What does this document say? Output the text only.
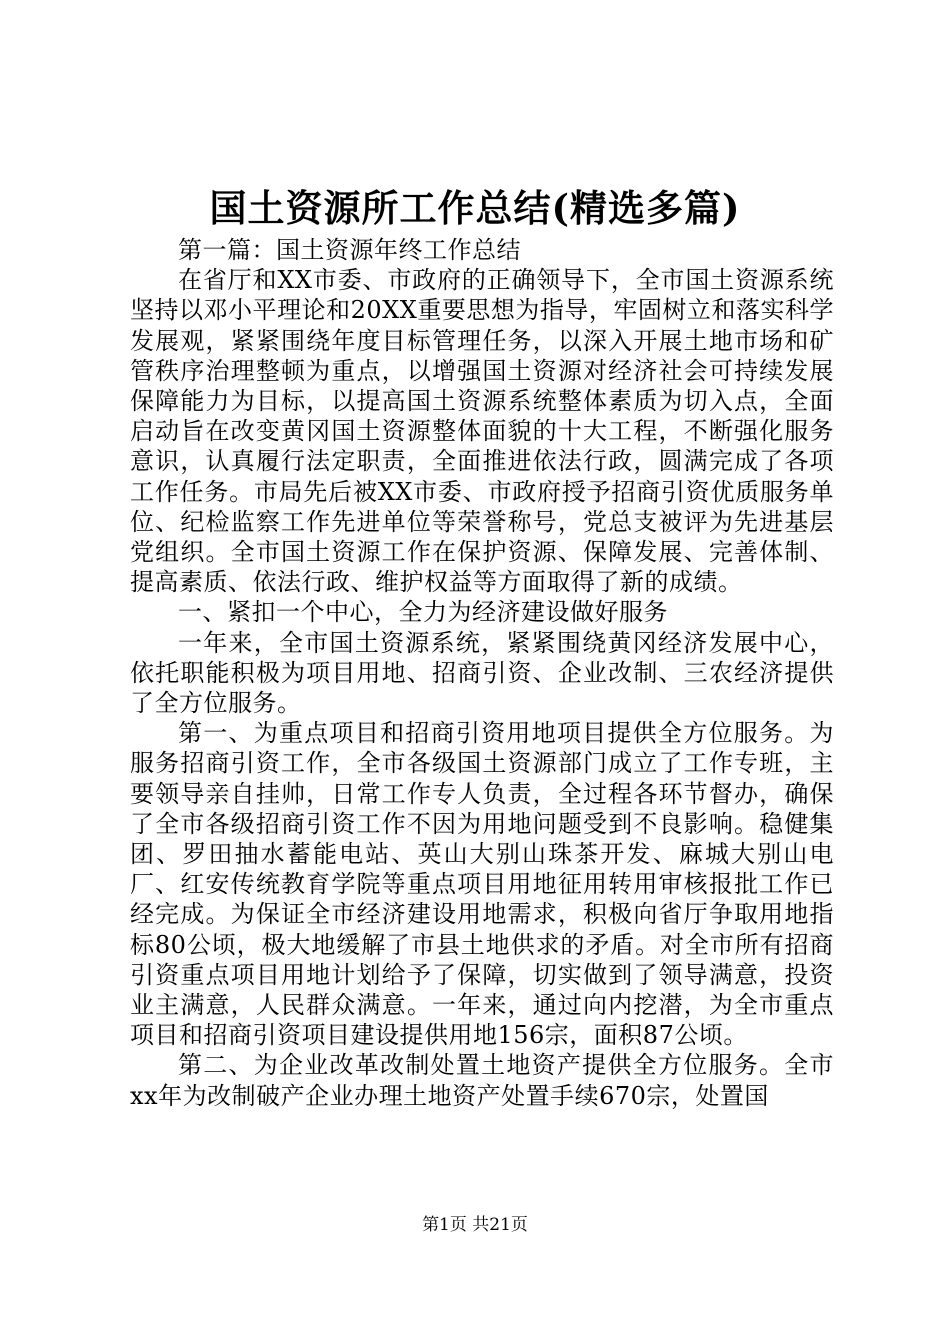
国土资源所工作总结(精选多篇)

第一篇：国土资源年终工作总结

在省厅和XX市委、市政府的正确领导下，全市国土资源系统坚持以邓小平理论和20XX重要思想为指导，牢固树立和落实科学发展观，紧紧围绕年度目标管理任务，以深入开展土地市场和矿管秩序治理整顿为重点，以增强国土资源对经济社会可持续发展保障能力为目标，以提高国土资源系统整体素质为切入点，全面启动旨在改变黄冈国土资源整体面貌的十大工程，不断强化服务意识，认真履行法定职责，全面推进依法行政，圆满完成了各项工作任务。市局先后被XX市委、市政府授予招商引资优质服务单位、纪检监察工作先进单位等荣誉称号，党总支被评为先进基层党组织。全市国土资源工作在保护资源、保障发展、完善体制、提高素质、依法行政、维护权益等方面取得了新的成绩。

一、紧扣一个中心，全力为经济建设做好服务

一年来，全市国土资源系统，紧紧围绕黄冈经济发展中心，依托职能积极为项目用地、招商引资、企业改制、三农经济提供了全方位服务。

第一、为重点项目和招商引资用地项目提供全方位服务。为服务招商引资工作，全市各级国土资源部门成立了工作专班，主要领导亲自挂帅，日常工作专人负责，全过程各环节督办，确保了全市各级招商引资工作不因为用地问题受到不良影响。稳健集团、罗田抽水蓄能电站、英山大别山珠茶开发、麻城大别山电厂、红安传统教育学院等重点项目用地征用转用审核报批工作已经完成。为保证全市经济建设用地需求，积极向省厅争取用地指标80公顷，极大地缓解了市县土地供求的矛盾。对全市所有招商引资重点项目用地计划给予了保障，切实做到了领导满意，投资业主满意，人民群众满意。一年来，通过向内挖潜，为全市重点项目和招商引资项目建设提供用地156宗，面积87公顷。

第二、为企业改革改制处置土地资产提供全方位服务。全市xx年为改制破产企业办理土地资产处置手续670宗，处置国

第1页 共21页
